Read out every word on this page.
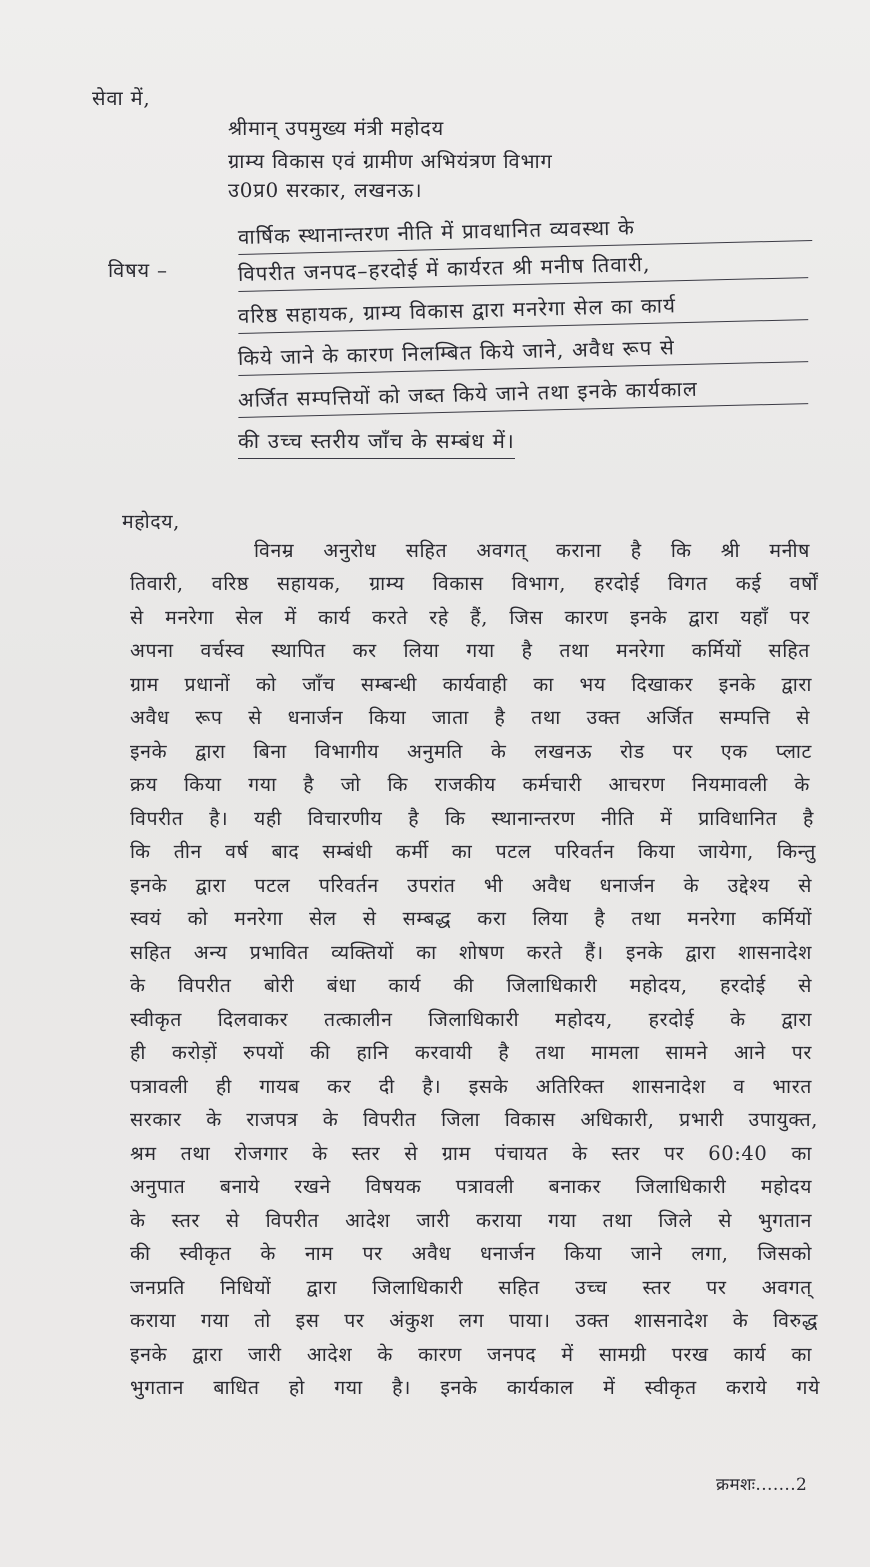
सेवा में,
श्रीमान् उपमुख्य मंत्री महोदय
ग्राम्य विकास एवं ग्रामीण अभियंत्रण विभाग
उ0प्र0 सरकार, लखनऊ।
विषय –
वार्षिक स्थानान्तरण नीति में प्रावधानित व्यवस्था के
विपरीत जनपद–हरदोई में कार्यरत श्री मनीष तिवारी,
वरिष्ठ सहायक, ग्राम्य विकास द्वारा मनरेगा सेल का कार्य
किये जाने के कारण निलम्बित किये जाने, अवैध रूप से
अर्जित सम्पत्तियों को जब्त किये जाने तथा इनके कार्यकाल
की उच्च स्तरीय जाँच के सम्बंध में।
महोदय,
विनम्र अनुरोध सहित अवगत् कराना है कि श्री मनीष
तिवारी, वरिष्ठ सहायक, ग्राम्य विकास विभाग, हरदोई विगत कई वर्षों
से मनरेगा सेल में कार्य करते रहे हैं, जिस कारण इनके द्वारा यहाँ पर
अपना वर्चस्व स्थापित कर लिया गया है तथा मनरेगा कर्मियों सहित
ग्राम प्रधानों को जाँच सम्बन्धी कार्यवाही का भय दिखाकर इनके द्वारा
अवैध रूप से धनार्जन किया जाता है तथा उक्त अर्जित सम्पत्ति से
इनके द्वारा बिना विभागीय अनुमति के लखनऊ रोड पर एक प्लाट
क्रय किया गया है जो कि राजकीय कर्मचारी आचरण नियमावली के
विपरीत है। यही विचारणीय है कि स्थानान्तरण नीति में प्राविधानित है
कि तीन वर्ष बाद सम्बंधी कर्मी का पटल परिवर्तन किया जायेगा, किन्तु
इनके द्वारा पटल परिवर्तन उपरांत भी अवैध धनार्जन के उद्देश्य से
स्वयं को मनरेगा सेल से सम्बद्ध करा लिया है तथा मनरेगा कर्मियों
सहित अन्य प्रभावित व्यक्तियों का शोषण करते हैं। इनके द्वारा शासनादेश
के विपरीत बोरी बंधा कार्य की जिलाधिकारी महोदय, हरदोई से
स्वीकृत दिलवाकर तत्कालीन जिलाधिकारी महोदय, हरदोई के द्वारा
ही करोड़ों रुपयों की हानि करवायी है तथा मामला सामने आने पर
पत्रावली ही गायब कर दी है। इसके अतिरिक्त शासनादेश व भारत
सरकार के राजपत्र के विपरीत जिला विकास अधिकारी, प्रभारी उपायुक्त,
श्रम तथा रोजगार के स्तर से ग्राम पंचायत के स्तर पर 60:40 का
अनुपात बनाये रखने विषयक पत्रावली बनाकर जिलाधिकारी महोदय
के स्तर से विपरीत आदेश जारी कराया गया तथा जिले से भुगतान
की स्वीकृत के नाम पर अवैध धनार्जन किया जाने लगा, जिसको
जनप्रति निधियों द्वारा जिलाधिकारी सहित उच्च स्तर पर अवगत्
कराया गया तो इस पर अंकुश लग पाया। उक्त शासनादेश के विरुद्ध
इनके द्वारा जारी आदेश के कारण जनपद में सामग्री परख कार्य का
भुगतान बाधित हो गया है। इनके कार्यकाल में स्वीकृत कराये गये
क्रमशः.......2
